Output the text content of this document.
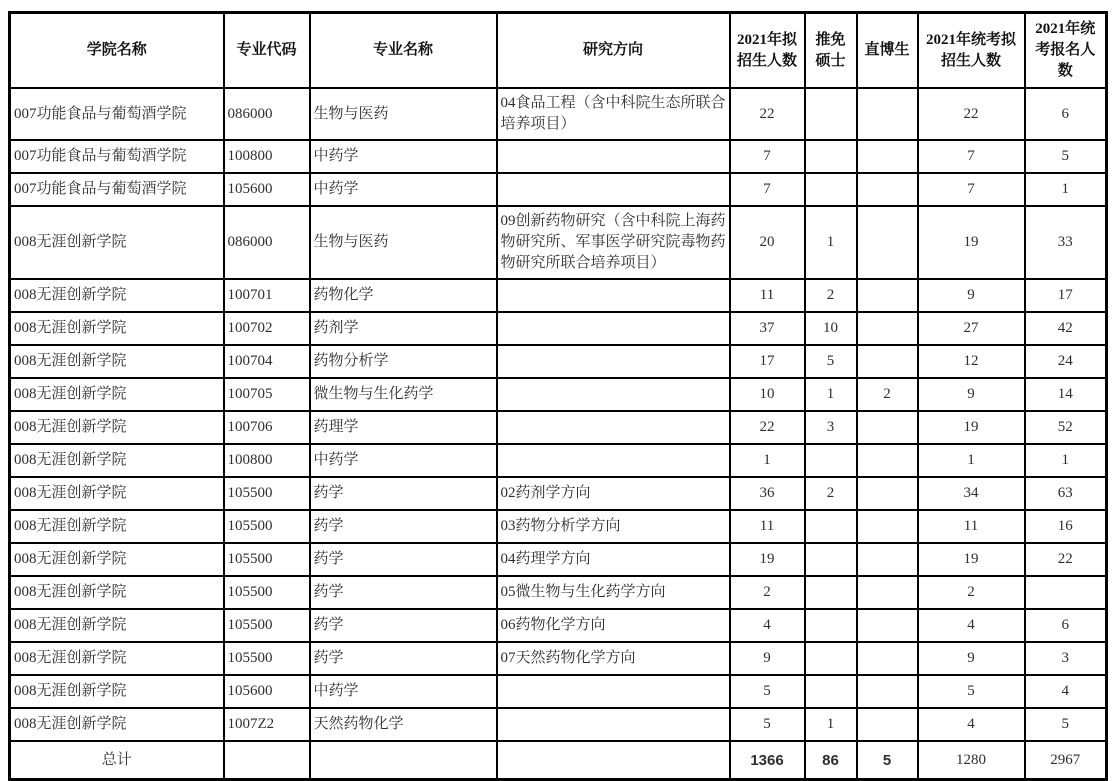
学院名称	专业代码	专业名称	研究方向	2021年拟招生人数	推免硕士	直博生	2021年统考拟招生人数	2021年统考报名人数
007功能食品与葡萄酒学院	086000	生物与医药	04食品工程（含中科院生态所联合培养项目）	22			22	6
007功能食品与葡萄酒学院	100800	中药学		7			7	5
007功能食品与葡萄酒学院	105600	中药学		7			7	1
008无涯创新学院	086000	生物与医药	09创新药物研究（含中科院上海药物研究所、军事医学研究院毒物药物研究所联合培养项目）	20	1		19	33
008无涯创新学院	100701	药物化学		11	2		9	17
008无涯创新学院	100702	药剂学		37	10		27	42
008无涯创新学院	100704	药物分析学		17	5		12	24
008无涯创新学院	100705	微生物与生化药学		10	1	2	9	14
008无涯创新学院	100706	药理学		22	3		19	52
008无涯创新学院	100800	中药学		1			1	1
008无涯创新学院	105500	药学	02药剂学方向	36	2		34	63
008无涯创新学院	105500	药学	03药物分析学方向	11			11	16
008无涯创新学院	105500	药学	04药理学方向	19			19	22
008无涯创新学院	105500	药学	05微生物与生化药学方向	2			2	
008无涯创新学院	105500	药学	06药物化学方向	4			4	6
008无涯创新学院	105500	药学	07天然药物化学方向	9			9	3
008无涯创新学院	105600	中药学		5			5	4
008无涯创新学院	1007Z2	天然药物化学		5	1		4	5
总计				1366	86	5	1280	2967
